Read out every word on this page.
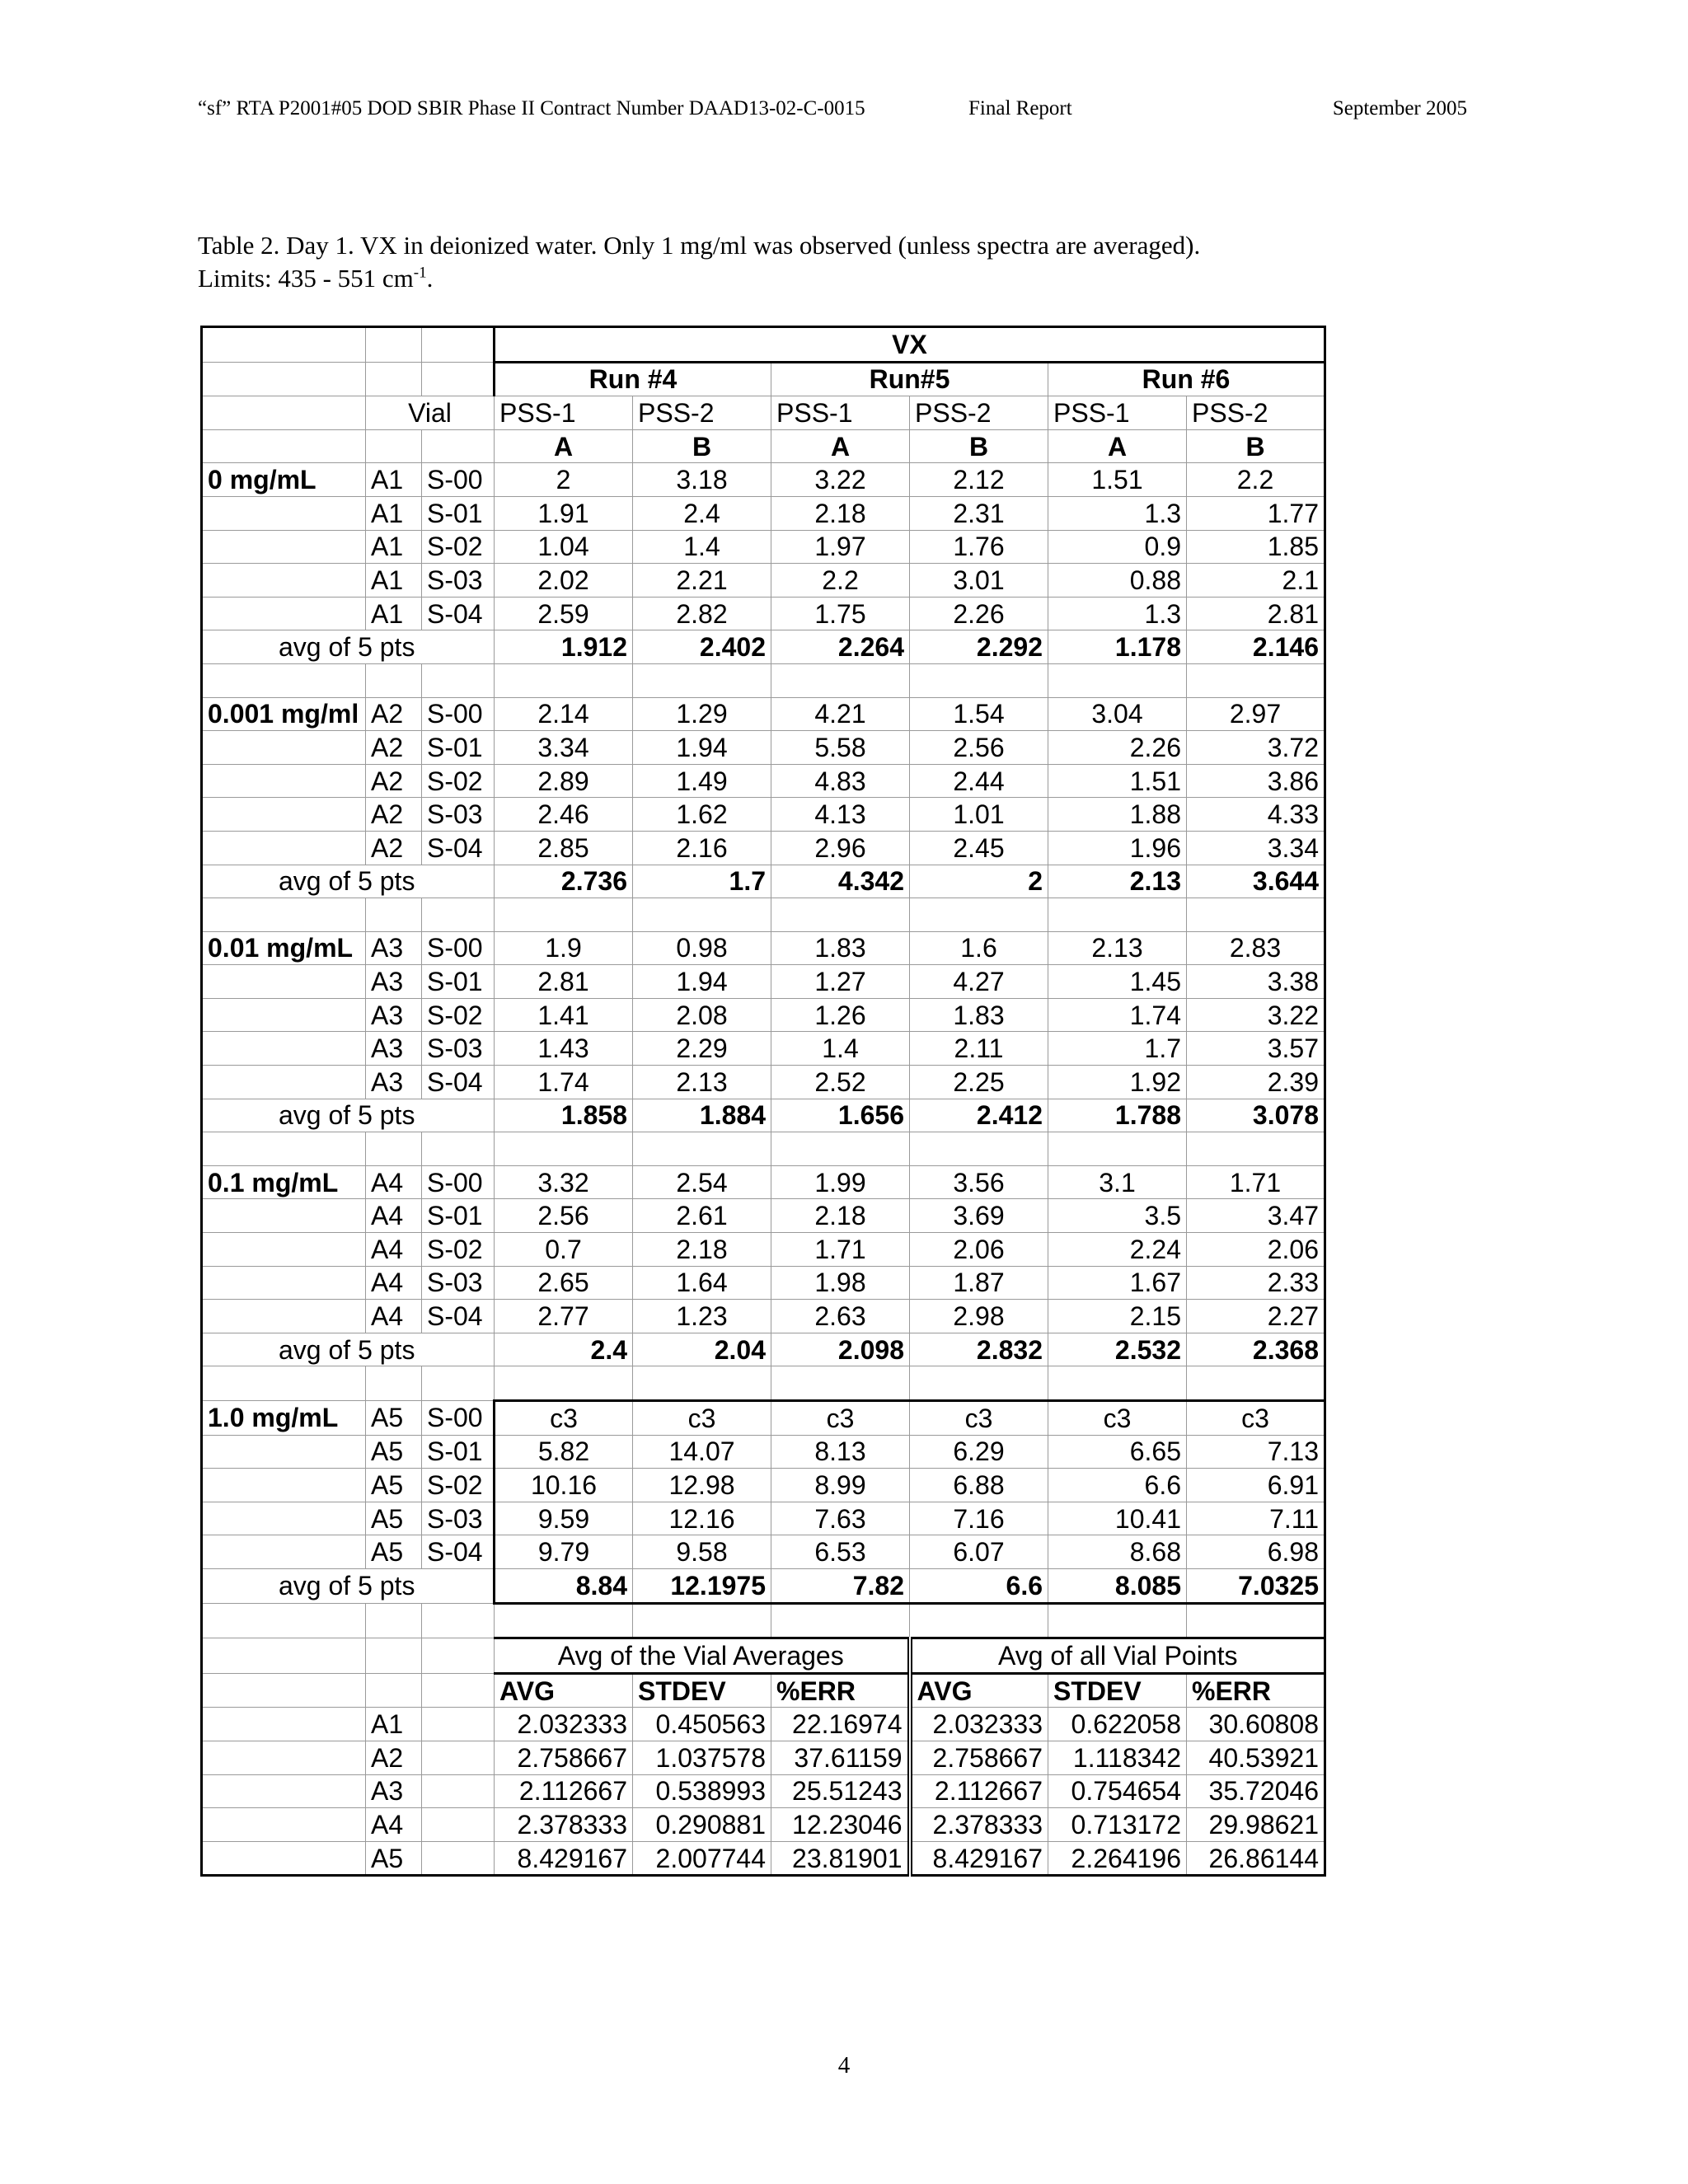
“sf” RTA P2001#05 DOD SBIR Phase II Contract Number DAAD13-02-C-0015	Final Report	September 2005
Table 2. Day 1. VX in deionized water. Only 1 mg/ml was observed (unless spectra are averaged).
Limits: 435 - 551 $cm^{-1}$.
			VX					
			Run #4		Run#5		Run #6	
	Vial		PSS-1	PSS-2	PSS-1	PSS-2	PSS-1	PSS-2
			A	B	A	B	A	B
0 mg/mL	A1	S-00	2	3.18	3.22	2.12	1.51	2.2
	A1	S-01	1.91	2.4	2.18	2.31	1.3	1.77
	A1	S-02	1.04	1.4	1.97	1.76	0.9	1.85
	A1	S-03	2.02	2.21	2.2	3.01	0.88	2.1
	A1	S-04	2.59	2.82	1.75	2.26	1.3	2.81
avg of 5 pts			1.912	2.402	2.264	2.292	1.178	2.146

0.001 mg/ml	A2	S-00	2.14	1.29	4.21	1.54	3.04	2.97
	A2	S-01	3.34	1.94	5.58	2.56	2.26	3.72
	A2	S-02	2.89	1.49	4.83	2.44	1.51	3.86
	A2	S-03	2.46	1.62	4.13	1.01	1.88	4.33
	A2	S-04	2.85	2.16	2.96	2.45	1.96	3.34
avg of 5 pts			2.736	1.7	4.342	2	2.13	3.644

0.01 mg/mL	A3	S-00	1.9	0.98	1.83	1.6	2.13	2.83
	A3	S-01	2.81	1.94	1.27	4.27	1.45	3.38
	A3	S-02	1.41	2.08	1.26	1.83	1.74	3.22
	A3	S-03	1.43	2.29	1.4	2.11	1.7	3.57
	A3	S-04	1.74	2.13	2.52	2.25	1.92	2.39
avg of 5 pts			1.858	1.884	1.656	2.412	1.788	3.078

0.1 mg/mL	A4	S-00	3.32	2.54	1.99	3.56	3.1	1.71
	A4	S-01	2.56	2.61	2.18	3.69	3.5	3.47
	A4	S-02	0.7	2.18	1.71	2.06	2.24	2.06
	A4	S-03	2.65	1.64	1.98	1.87	1.67	2.33
	A4	S-04	2.77	1.23	2.63	2.98	2.15	2.27
avg of 5 pts			2.4	2.04	2.098	2.832	2.532	2.368

1.0 mg/mL	A5	S-00	c3	c3	c3	c3	c3	c3
	A5	S-01	5.82	14.07	8.13	6.29	6.65	7.13
	A5	S-02	10.16	12.98	8.99	6.88	6.6	6.91
	A5	S-03	9.59	12.16	7.63	7.16	10.41	7.11
	A5	S-04	9.79	9.58	6.53	6.07	8.68	6.98
avg of 5 pts			8.84	12.1975	7.82	6.6	8.085	7.0325

			Avg of the Vial Averages			Avg of all Vial Points		
			AVG	STDEV	%ERR	AVG	STDEV	%ERR
	A1		2.032333	0.450563	22.16974	2.032333	0.622058	30.60808
	A2		2.758667	1.037578	37.61159	2.758667	1.118342	40.53921
	A3		2.112667	0.538993	25.51243	2.112667	0.754654	35.72046
	A4		2.378333	0.290881	12.23046	2.378333	0.713172	29.98621
	A5		8.429167	2.007744	23.81901	8.429167	2.264196	26.86144
4
